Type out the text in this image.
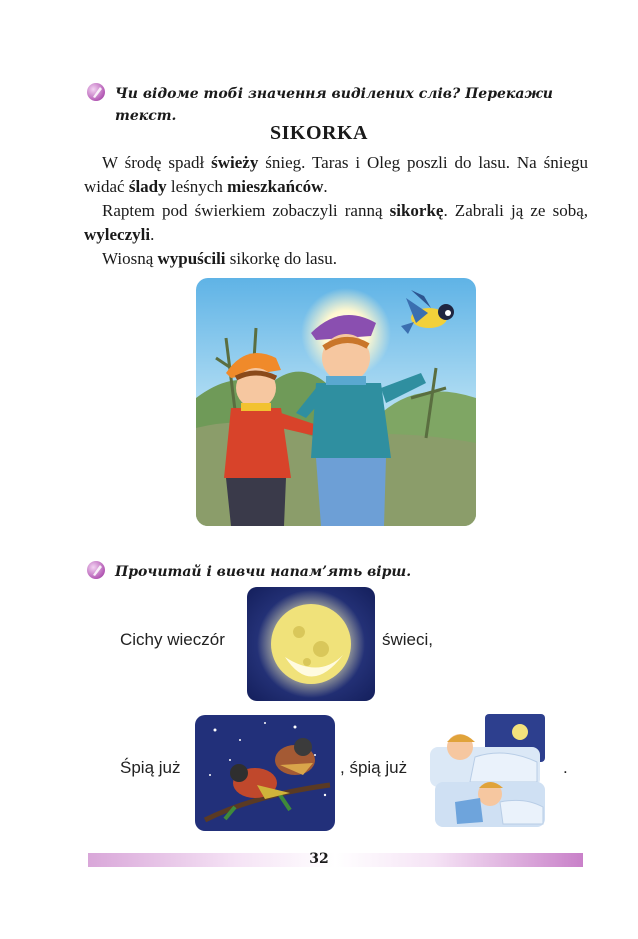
Чи відоме тобі значення виділених слів? Перекажи текст.
SIKORKA
W środę spadł świeży śnieg. Taras i Oleg poszli do lasu. Na śniegu widać ślady leśnych mieszkańców.
Raptem pod świerkiem zobaczyli ranną sikorkę. Zabrali ją ze sobą, wyleczyli.
Wiosną wypuścili sikorkę do lasu.
Прочитай і вивчи напам’ять вірш.
Cichy wieczór	świeci,
Śpią już	, śpią już	.
32
